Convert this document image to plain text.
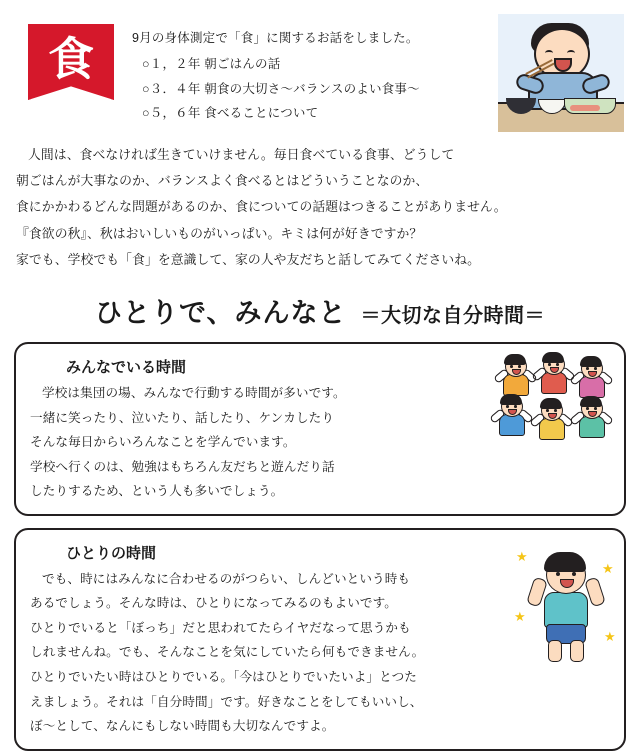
食	9月の身体測定で「食」に関するお話をしました。

○１，２年 朝ごはんの話

○３．４年 朝食の大切さ〜バランスのよい食事〜

○５，６年 食べることについて

人間は、食べなければ生きていけません。毎日食べている食事、どうして

朝ごはんが大事なのか、バランスよく食べるとはどういうことなのか、

食にかかわるどんな問題があるのか、食についての話題はつきることがありません。

『食欲の秋』、秋はおいしいものがいっぱい。キミは何が好きですか？

家でも、学校でも「食」を意識して、家の人や友だちと話してみてくださいね。

ひとりで、みんなと ＝大切な自分時間＝
みんなでいる時間

学校は集団の場、みんなで行動する時間が多いです。

一緒に笑ったり、泣いたり、話したり、ケンカしたり

そんな毎日からいろんなことを学んでいます。

学校へ行くのは、勉強はもちろん友だちと遊んだり話

したりするため、という人も多いでしょう。

ひとりの時間

でも、時にはみんなに合わせるのがつらい、しんどいという時も

あるでしょう。そんな時は、ひとりになってみるのもよいです。

ひとりでいると「ぼっち」だと思われてたらイヤだなって思うかも

しれませんね。でも、そんなことを気にしていたら何もできません。

ひとりでいたい時はひとりでいる。「今はひとりでいたいよ」とつた

えましょう。それは「自分時間」です。好きなことをしてもいいし、

ぼ〜として、なんにもしない時間も大切なんですよ。

★
★
★
★
